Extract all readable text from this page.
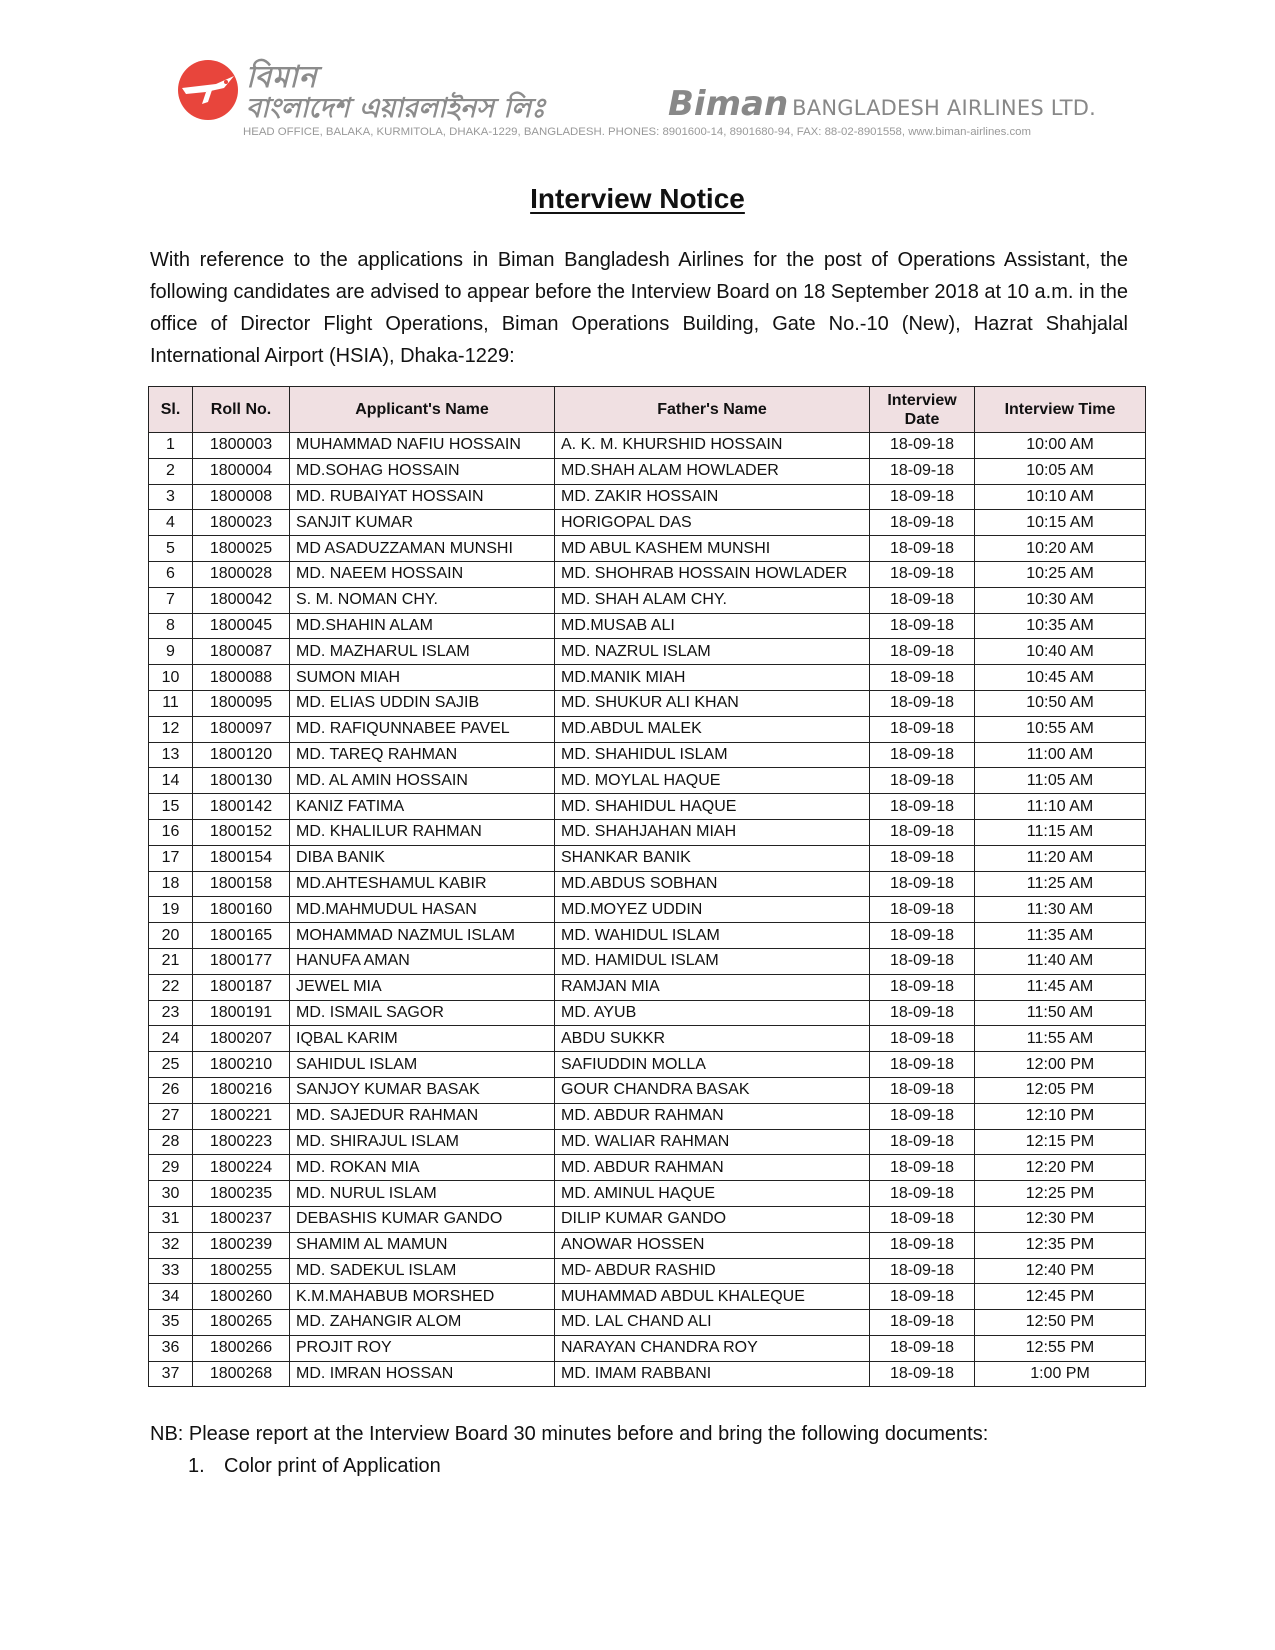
বিমান
বাংলাদেশ এয়ারলাইনস লিঃ	Biman BANGLADESH AIRLINES LTD.
HEAD OFFICE, BALAKA, KURMITOLA, DHAKA-1229, BANGLADESH. PHONES: 8901600-14, 8901680-94, FAX: 88-02-8901558, www.biman-airlines.com
Interview Notice

With reference to the applications in Biman Bangladesh Airlines for the post of Operations Assistant, the following candidates are advised to appear before the Interview Board on 18 September 2018 at 10 a.m. in the office of Director Flight Operations, Biman Operations Building, Gate No.-10 (New), Hazrat Shahjalal International Airport (HSIA), Dhaka-1229:

Sl.	Roll No.	Applicant's Name	Father's Name	Interview Date	Interview Time
1	1800003	MUHAMMAD NAFIU HOSSAIN	A. K. M. KHURSHID HOSSAIN	18-09-18	10:00 AM
2	1800004	MD.SOHAG HOSSAIN	MD.SHAH ALAM HOWLADER	18-09-18	10:05 AM
3	1800008	MD. RUBAIYAT HOSSAIN	MD. ZAKIR HOSSAIN	18-09-18	10:10 AM
4	1800023	SANJIT KUMAR	HORIGOPAL DAS	18-09-18	10:15 AM
5	1800025	MD ASADUZZAMAN MUNSHI	MD ABUL KASHEM MUNSHI	18-09-18	10:20 AM
6	1800028	MD. NAEEM HOSSAIN	MD. SHOHRAB HOSSAIN HOWLADER	18-09-18	10:25 AM
7	1800042	S. M. NOMAN CHY.	MD. SHAH ALAM CHY.	18-09-18	10:30 AM
8	1800045	MD.SHAHIN ALAM	MD.MUSAB ALI	18-09-18	10:35 AM
9	1800087	MD. MAZHARUL ISLAM	MD. NAZRUL ISLAM	18-09-18	10:40 AM
10	1800088	SUMON MIAH	MD.MANIK MIAH	18-09-18	10:45 AM
11	1800095	MD. ELIAS UDDIN SAJIB	MD. SHUKUR ALI KHAN	18-09-18	10:50 AM
12	1800097	MD. RAFIQUNNABEE PAVEL	MD.ABDUL MALEK	18-09-18	10:55 AM
13	1800120	MD. TAREQ RAHMAN	MD. SHAHIDUL ISLAM	18-09-18	11:00 AM
14	1800130	MD. AL AMIN HOSSAIN	MD. MOYLAL HAQUE	18-09-18	11:05 AM
15	1800142	KANIZ FATIMA	MD. SHAHIDUL HAQUE	18-09-18	11:10 AM
16	1800152	MD. KHALILUR RAHMAN	MD. SHAHJAHAN MIAH	18-09-18	11:15 AM
17	1800154	DIBA BANIK	SHANKAR BANIK	18-09-18	11:20 AM
18	1800158	MD.AHTESHAMUL KABIR	MD.ABDUS SOBHAN	18-09-18	11:25 AM
19	1800160	MD.MAHMUDUL HASAN	MD.MOYEZ UDDIN	18-09-18	11:30 AM
20	1800165	MOHAMMAD NAZMUL ISLAM	MD. WAHIDUL ISLAM	18-09-18	11:35 AM
21	1800177	HANUFA AMAN	MD. HAMIDUL ISLAM	18-09-18	11:40 AM
22	1800187	JEWEL MIA	RAMJAN MIA	18-09-18	11:45 AM
23	1800191	MD. ISMAIL SAGOR	MD. AYUB	18-09-18	11:50 AM
24	1800207	IQBAL KARIM	ABDU SUKKR	18-09-18	11:55 AM
25	1800210	SAHIDUL ISLAM	SAFIUDDIN MOLLA	18-09-18	12:00 PM
26	1800216	SANJOY KUMAR BASAK	GOUR CHANDRA BASAK	18-09-18	12:05 PM
27	1800221	MD. SAJEDUR RAHMAN	MD. ABDUR RAHMAN	18-09-18	12:10 PM
28	1800223	MD. SHIRAJUL ISLAM	MD. WALIAR RAHMAN	18-09-18	12:15 PM
29	1800224	MD. ROKAN MIA	MD. ABDUR RAHMAN	18-09-18	12:20 PM
30	1800235	MD. NURUL ISLAM	MD. AMINUL HAQUE	18-09-18	12:25 PM
31	1800237	DEBASHIS KUMAR GANDO	DILIP KUMAR GANDO	18-09-18	12:30 PM
32	1800239	SHAMIM AL MAMUN	ANOWAR HOSSEN	18-09-18	12:35 PM
33	1800255	MD. SADEKUL ISLAM	MD- ABDUR RASHID	18-09-18	12:40 PM
34	1800260	K.M.MAHABUB MORSHED	MUHAMMAD ABDUL KHALEQUE	18-09-18	12:45 PM
35	1800265	MD. ZAHANGIR ALOM	MD. LAL CHAND ALI	18-09-18	12:50 PM
36	1800266	PROJIT ROY	NARAYAN CHANDRA ROY	18-09-18	12:55 PM
37	1800268	MD. IMRAN HOSSAN	MD. IMAM RABBANI	18-09-18	1:00 PM
NB: Please report at the Interview Board 30 minutes before and bring the following documents:
1. Color print of Application
